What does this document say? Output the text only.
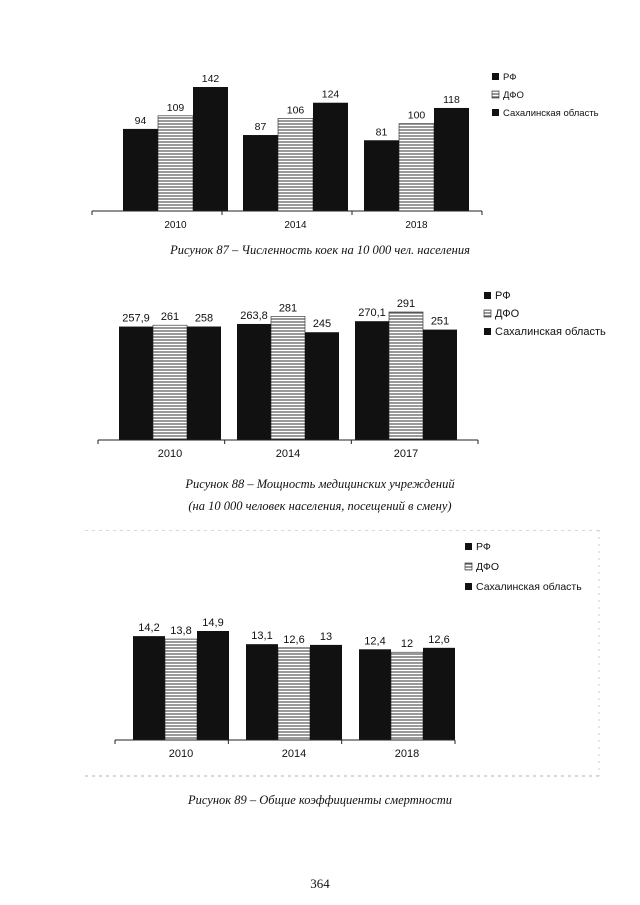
94
109
142
2010
87
106
124
2014
81
100
118
2018
РФ
ДФО
Сахалинская область
Рисунок 87 – Численность коек на 10 000 чел. населения
257,9 261 258
2010
263,8
281
245
2014
270,1
291
251
2017
РФ
ДФО
Сахалинская область
Рисунок 88 – Мощность медицинских учреждений
(на 10 000 человек населения, посещений в смену)
14,2 13,8
14,9
2010
13,1 12,6 13
2014
12,4 12 12,6
2018
РФ
ДФО
Сахалинская область
Рисунок 89 – Общие коэффициенты смертности
364
